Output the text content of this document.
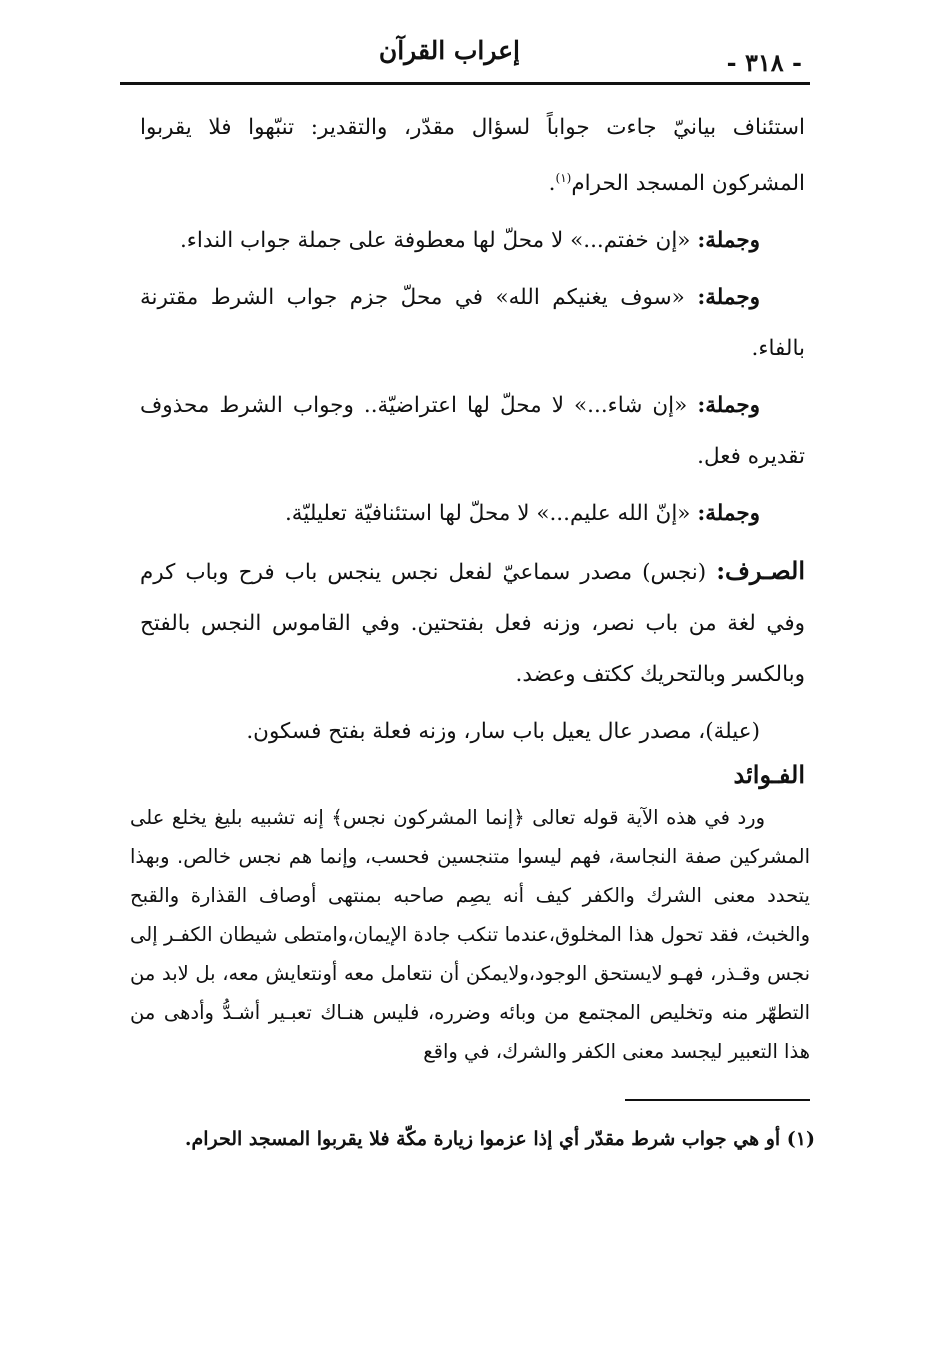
- ٣١٨ -
إعراب القرآن

استئناف بيانيّ جاءت جواباً لسؤال مقدّر، والتقدير: تنبّهوا فلا يقربوا المشركون المسجد الحرام$^{(١)}$.

وجملة: «إن خفتم...» لا محلّ لها معطوفة على جملة جواب النداء.

وجملة: «سوف يغنيكم الله» في محلّ جزم جواب الشرط مقترنة بالفاء.

وجملة: «إن شاء...» لا محلّ لها اعتراضيّة.. وجواب الشرط محذوف تقديره فعل.

وجملة: «إنّ الله عليم...» لا محلّ لها استئنافيّة تعليليّة.

الصـرف: (نجس) مصدر سماعيّ لفعل نجس ينجس باب فرح وباب كرم وفي لغة من باب نصر، وزنه فعل بفتحتين. وفي القاموس النجس بالفتح وبالكسر وبالتحريك ككتف وعضد.

(عيلة)، مصدر عال يعيل باب سار، وزنه فعلة بفتح فسكون.

الفـوائد

ورد في هذه الآية قوله تعالى ﴿إنما المشركون نجس﴾ إنه تشبيه بليغ يخلع على المشركين صفة النجاسة، فهم ليسوا متنجسين فحسب، وإنما هم نجس خالص. وبهذا يتحدد معنى الشرك والكفر كيف أنه يصِم صاحبه بمنتهى أوصاف القذارة والقبح والخبث، فقد تحول هذا المخلوق،عندما تنكب جادة الإيمان،وامتطى شيطان الكفـر إلى نجس وقـذر، فهـو لايستحق الوجود،ولايمكن أن نتعامل معه أونتعايش معه، بل لابد من التطهّر منه وتخليص المجتمع من وبائه وضرره، فليس هنـاك تعبـير أشـدُّ وأدهى من هذا التعبير ليجسد معنى الكفر والشرك، في واقع

(١) أو هي جواب شرط مقدّر أي إذا عزموا زيارة مكّة فلا يقربوا المسجد الحرام.
